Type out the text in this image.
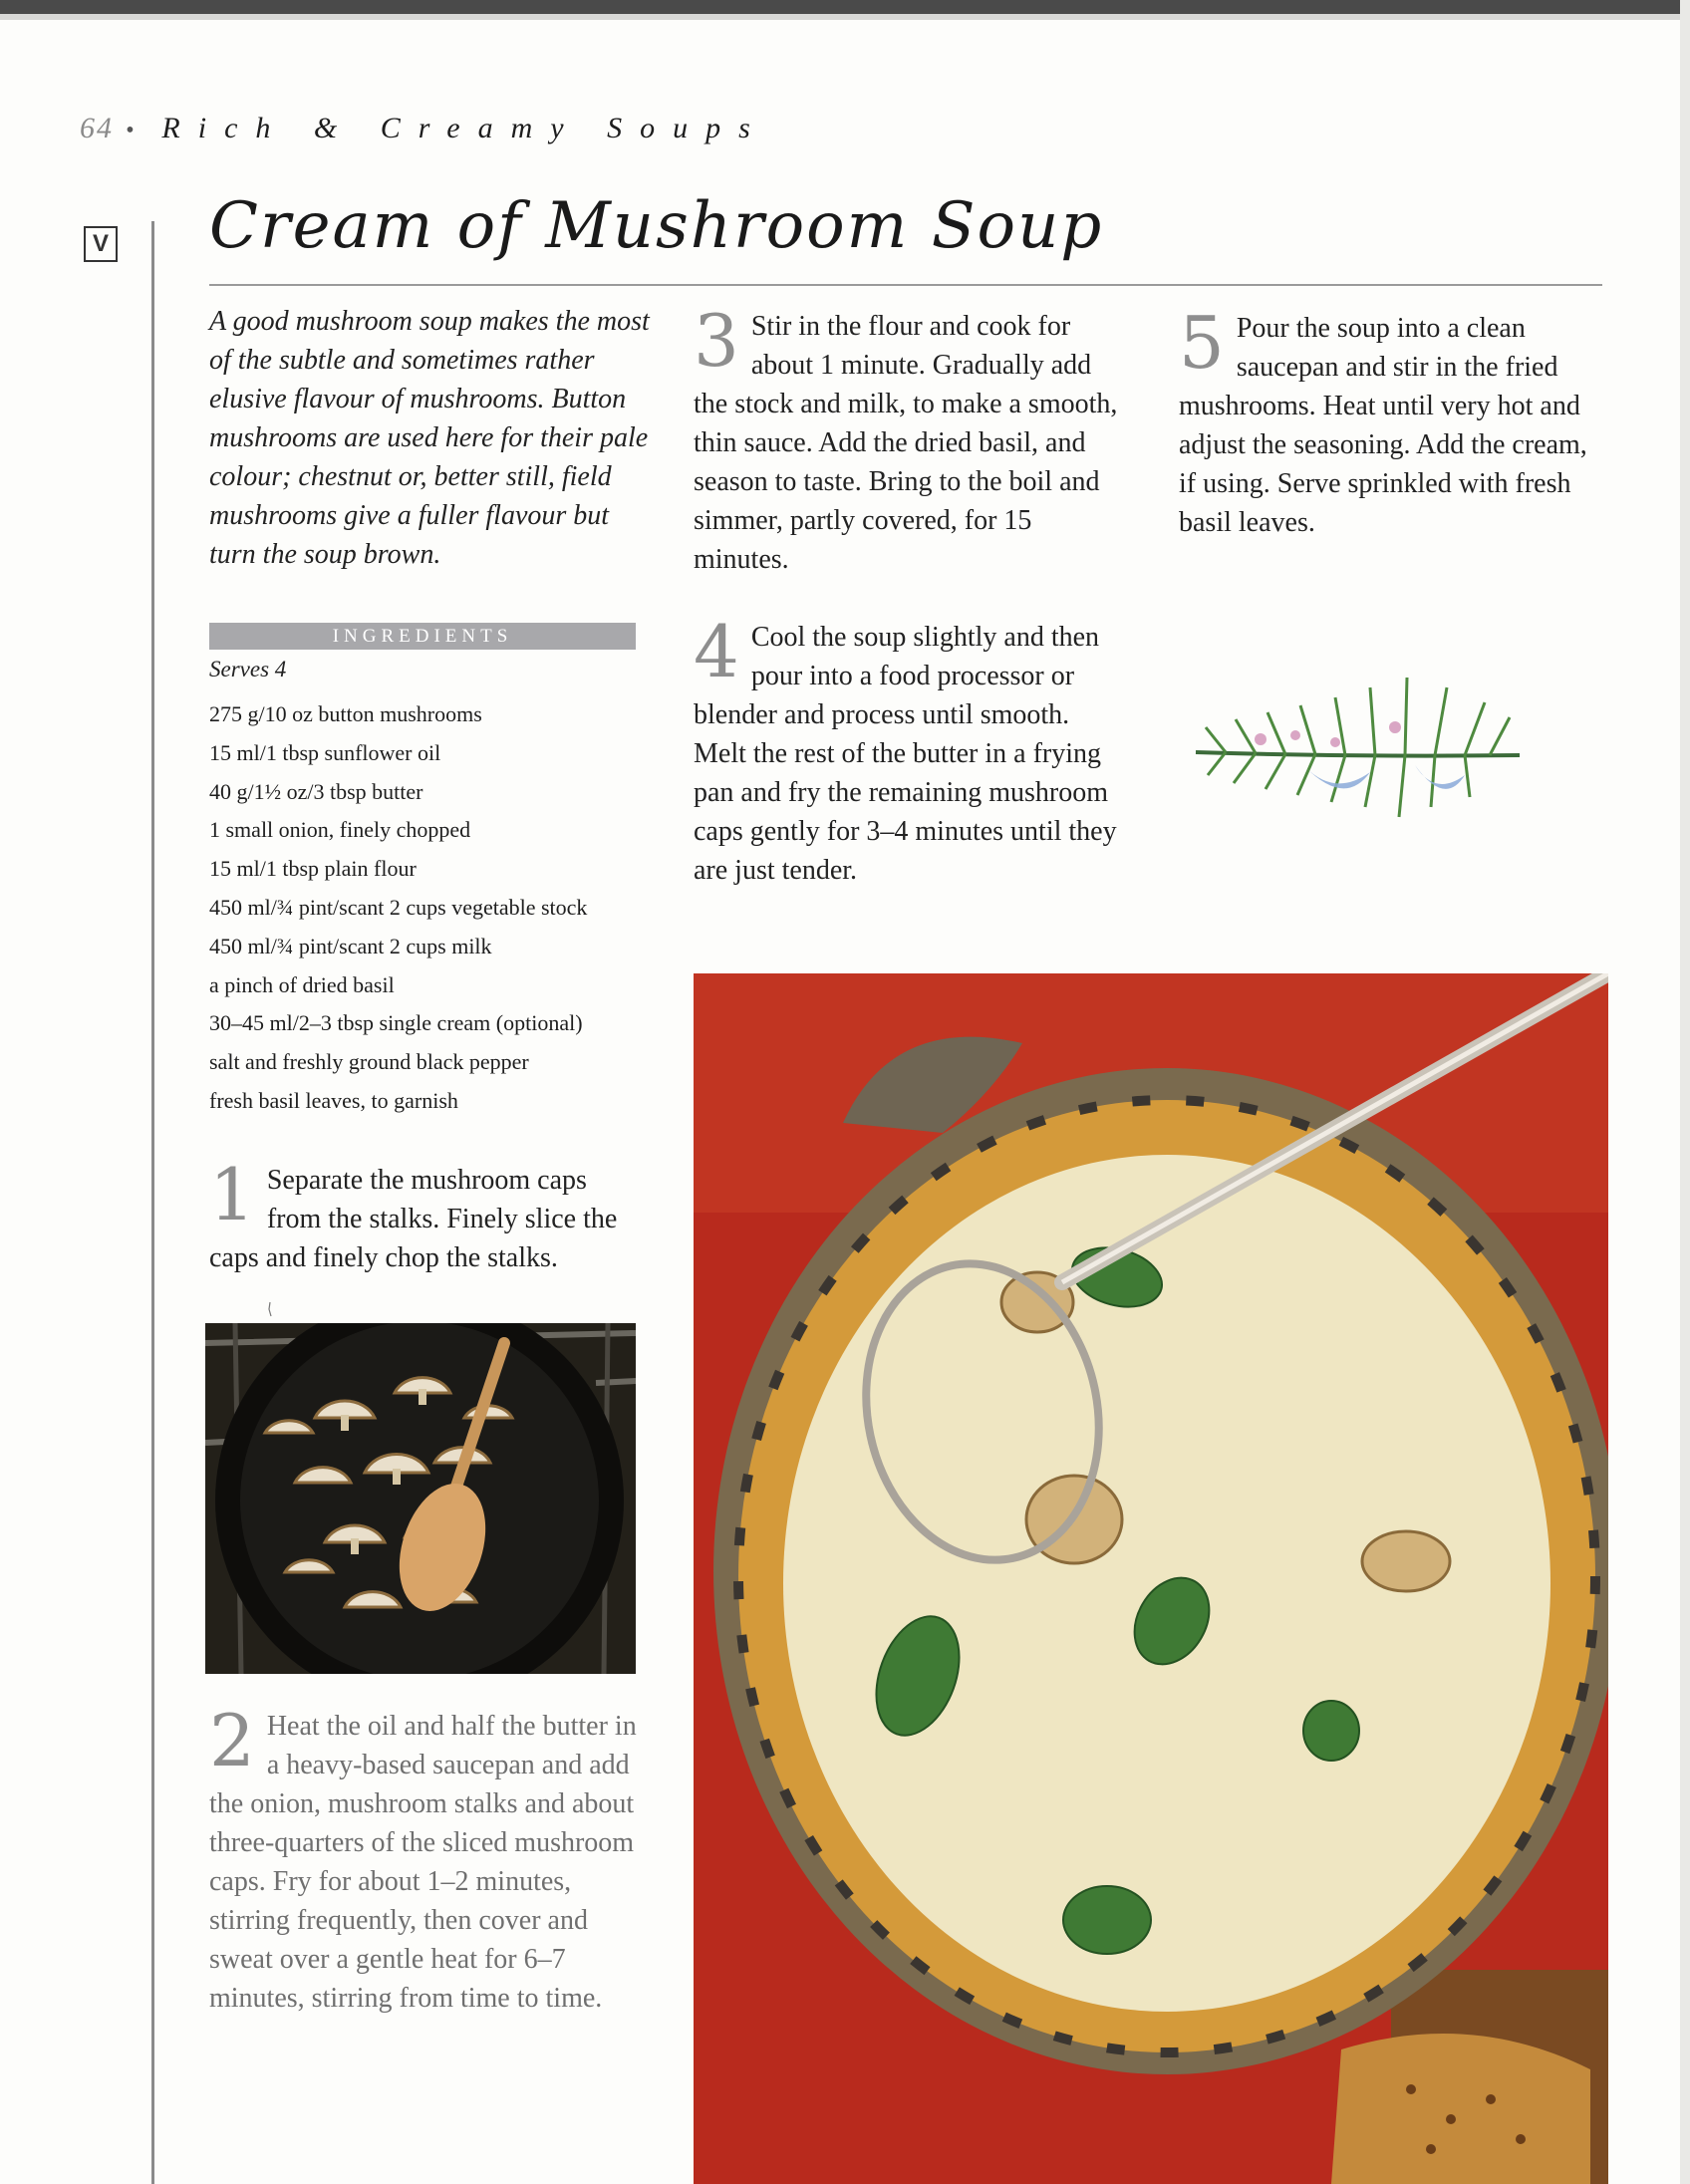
64 • Rich & Creamy Soups
V Cream of Mushroom Soup
A good mushroom soup makes the most of the subtle and sometimes rather elusive flavour of mushrooms. Button mushrooms are used here for their pale colour; chestnut or, better still, field mushrooms give a fuller flavour but turn the soup brown.
INGREDIENTS
Serves 4
275 g/10 oz button mushrooms
15 ml/1 tbsp sunflower oil
40 g/1½ oz/3 tbsp butter
1 small onion, finely chopped
15 ml/1 tbsp plain flour
450 ml/¾ pint/scant 2 cups vegetable stock
450 ml/¾ pint/scant 2 cups milk
a pinch of dried basil
30–45 ml/2–3 tbsp single cream (optional)
salt and freshly ground black pepper
fresh basil leaves, to garnish
1 Separate the mushroom caps from the stalks. Finely slice the caps and finely chop the stalks.
2 Heat the oil and half the butter in a heavy-based saucepan and add the onion, mushroom stalks and about three-quarters of the sliced mushroom caps. Fry for about 1–2 minutes, stirring frequently, then cover and sweat over a gentle heat for 6–7 minutes, stirring from time to time.
3 Stir in the flour and cook for about 1 minute. Gradually add the stock and milk, to make a smooth, thin sauce. Add the dried basil, and season to taste. Bring to the boil and simmer, partly covered, for 15 minutes.
4 Cool the soup slightly and then pour into a food processor or blender and process until smooth. Melt the rest of the butter in a frying pan and fry the remaining mushroom caps gently for 3–4 minutes until they are just tender.
5 Pour the soup into a clean saucepan and stir in the fried mushrooms. Heat until very hot and adjust the seasoning. Add the cream, if using. Serve sprinkled with fresh basil leaves.
